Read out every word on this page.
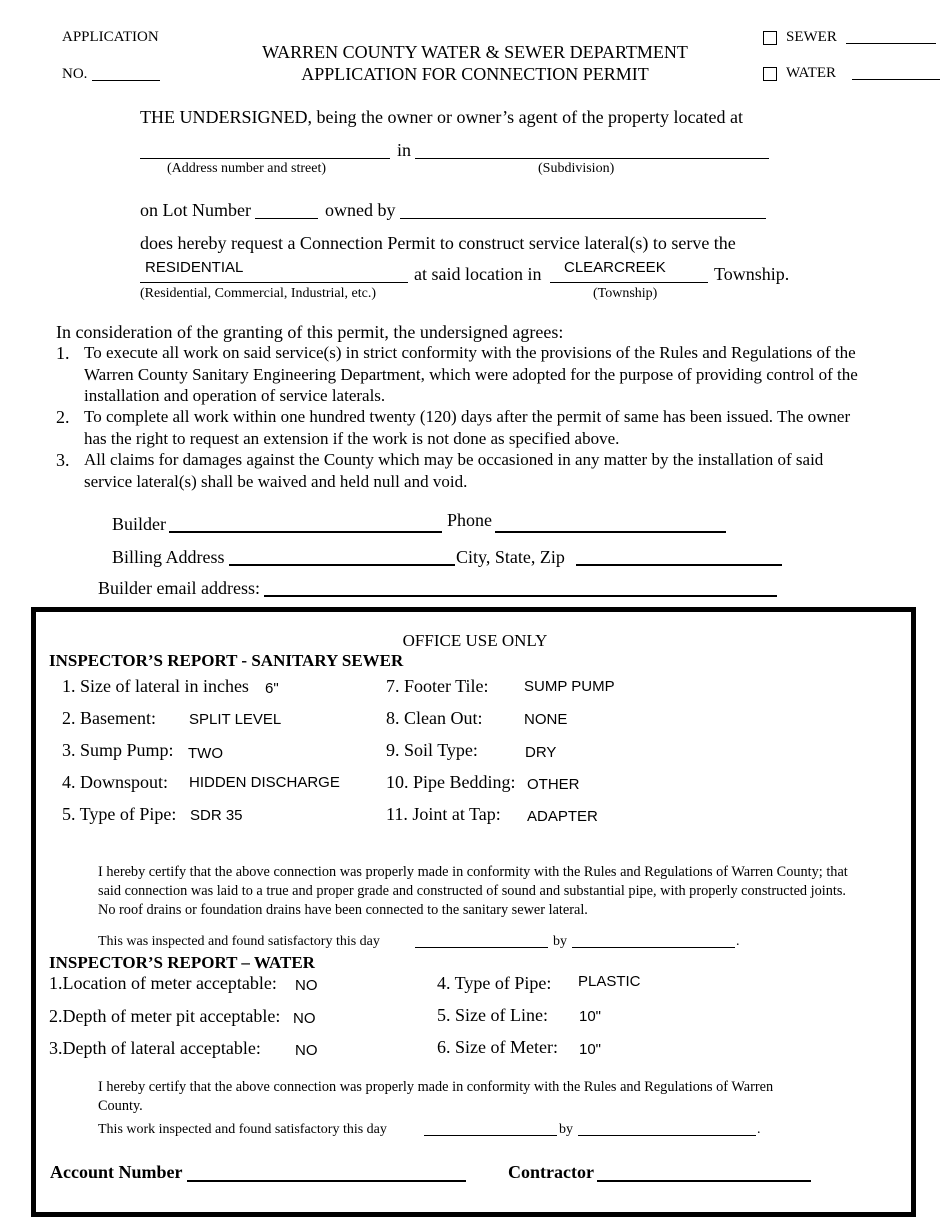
APPLICATION
NO.
WARREN COUNTY WATER & SEWER DEPARTMENT
APPLICATION FOR CONNECTION PERMIT
SEWER
WATER
THE UNDERSIGNED, being the owner or owner’s agent of the property located at
in
(Address number and street)	(Subdivision)
on Lot Number	owned by
does hereby request a Connection Permit to construct service lateral(s) to serve the
RESIDENTIAL	at said location in CLEARCREEK	Township.
(Residential, Commercial, Industrial, etc.)	(Township)
In consideration of the granting of this permit, the undersigned agrees:
1. To execute all work on said service(s) in strict conformity with the provisions of the Rules and Regulations of the Warren County Sanitary Engineering Department, which were adopted for the purpose of providing control of the installation and operation of service laterals.
2. To complete all work within one hundred twenty (120) days after the permit of same has been issued. The owner has the right to request an extension if the work is not done as specified above.
3. All claims for damages against the County which may be occasioned in any matter by the installation of said service lateral(s) shall be waived and held null and void.
Builder	Phone
Billing Address	City, State, Zip
Builder email address:
OFFICE USE ONLY
INSPECTOR’S REPORT - SANITARY SEWER
1. Size of lateral in inches 6"
2. Basement: SPLIT LEVEL
3. Sump Pump: TWO
4. Downspout: HIDDEN DISCHARGE
5. Type of Pipe: SDR 35
7. Footer Tile: SUMP PUMP
8. Clean Out:	NONE
9. Soil Type:	DRY
10. Pipe Bedding: OTHER
11. Joint at Tap: ADAPTER
I hereby certify that the above connection was properly made in conformity with the Rules and Regulations of Warren County; that said connection was laid to a true and proper grade and constructed of sound and substantial pipe, with properly constructed joints. No roof drains or foundation drains have been connected to the sanitary sewer lateral.
This was inspected and found satisfactory this day	by	.
INSPECTOR’S REPORT – WATER
1.Location of meter acceptable: NO
2.Depth of meter pit acceptable: NO
3.Depth of lateral acceptable: NO
4. Type of Pipe: PLASTIC
5. Size of Line: 10"
6. Size of Meter: 10"
I hereby certify that the above connection was properly made in conformity with the Rules and Regulations of Warren County.
This work inspected and found satisfactory this day	by	.
Account Number	Contractor
